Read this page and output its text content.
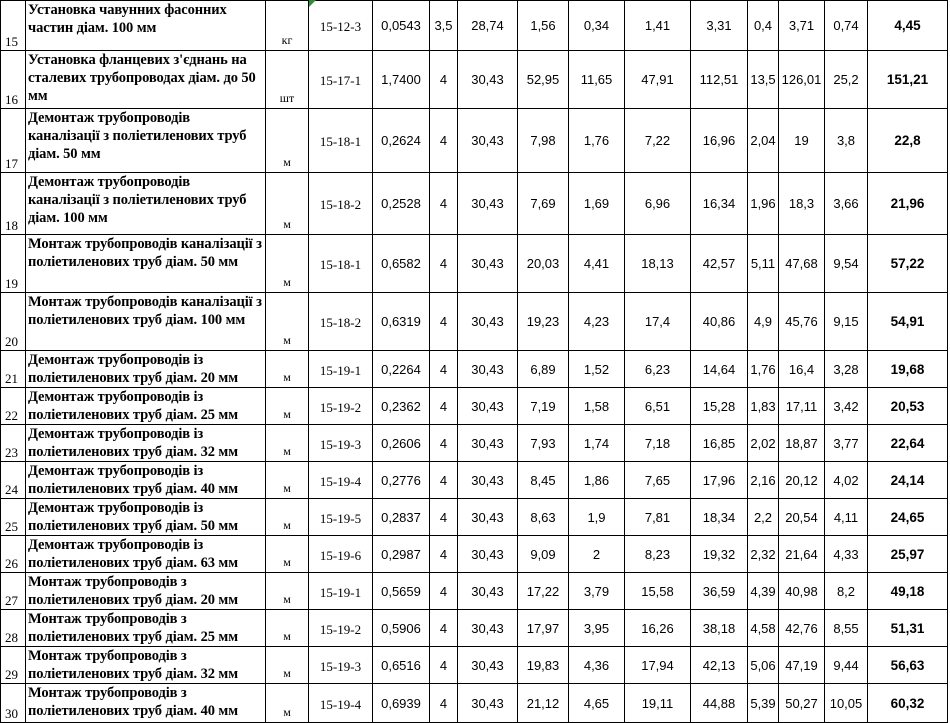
15	Установка чавунних фасонних частин діам. 100 мм	кг	15-12-3	0,0543	3,5	28,74	1,56	0,34	1,41	3,31	0,4	3,71	0,74	4,45
16	Установка фланцевих з'єднань на сталевих трубопроводах діам. до 50 мм	шт	15-17-1	1,7400	4	30,43	52,95	11,65	47,91	112,51	13,5	126,01	25,2	151,21
17	Демонтаж трубопроводів каналізації з поліетиленових труб діам. 50 мм	м	15-18-1	0,2624	4	30,43	7,98	1,76	7,22	16,96	2,04	19	3,8	22,8
18	Демонтаж трубопроводів каналізації з поліетиленових труб діам. 100 мм	м	15-18-2	0,2528	4	30,43	7,69	1,69	6,96	16,34	1,96	18,3	3,66	21,96
19	Монтаж трубопроводів каналізації з поліетиленових труб діам. 50 мм	м	15-18-1	0,6582	4	30,43	20,03	4,41	18,13	42,57	5,11	47,68	9,54	57,22
20	Монтаж трубопроводів каналізації з поліетиленових труб діам. 100 мм	м	15-18-2	0,6319	4	30,43	19,23	4,23	17,4	40,86	4,9	45,76	9,15	54,91
21	Демонтаж трубопроводів із поліетиленових труб діам. 20 мм	м	15-19-1	0,2264	4	30,43	6,89	1,52	6,23	14,64	1,76	16,4	3,28	19,68
22	Демонтаж трубопроводів із поліетиленових труб діам. 25 мм	м	15-19-2	0,2362	4	30,43	7,19	1,58	6,51	15,28	1,83	17,11	3,42	20,53
23	Демонтаж трубопроводів із поліетиленових труб діам. 32 мм	м	15-19-3	0,2606	4	30,43	7,93	1,74	7,18	16,85	2,02	18,87	3,77	22,64
24	Демонтаж трубопроводів із поліетиленових труб діам. 40 мм	м	15-19-4	0,2776	4	30,43	8,45	1,86	7,65	17,96	2,16	20,12	4,02	24,14
25	Демонтаж трубопроводів із поліетиленових труб діам. 50 мм	м	15-19-5	0,2837	4	30,43	8,63	1,9	7,81	18,34	2,2	20,54	4,11	24,65
26	Демонтаж трубопроводів із поліетиленових труб діам. 63 мм	м	15-19-6	0,2987	4	30,43	9,09	2	8,23	19,32	2,32	21,64	4,33	25,97
27	Монтаж трубопроводів з поліетиленових труб діам. 20 мм	м	15-19-1	0,5659	4	30,43	17,22	3,79	15,58	36,59	4,39	40,98	8,2	49,18
28	Монтаж трубопроводів з поліетиленових труб діам. 25 мм	м	15-19-2	0,5906	4	30,43	17,97	3,95	16,26	38,18	4,58	42,76	8,55	51,31
29	Монтаж трубопроводів з поліетиленових труб діам. 32 мм	м	15-19-3	0,6516	4	30,43	19,83	4,36	17,94	42,13	5,06	47,19	9,44	56,63
30	Монтаж трубопроводів з поліетиленових труб діам. 40 мм	м	15-19-4	0,6939	4	30,43	21,12	4,65	19,11	44,88	5,39	50,27	10,05	60,32
